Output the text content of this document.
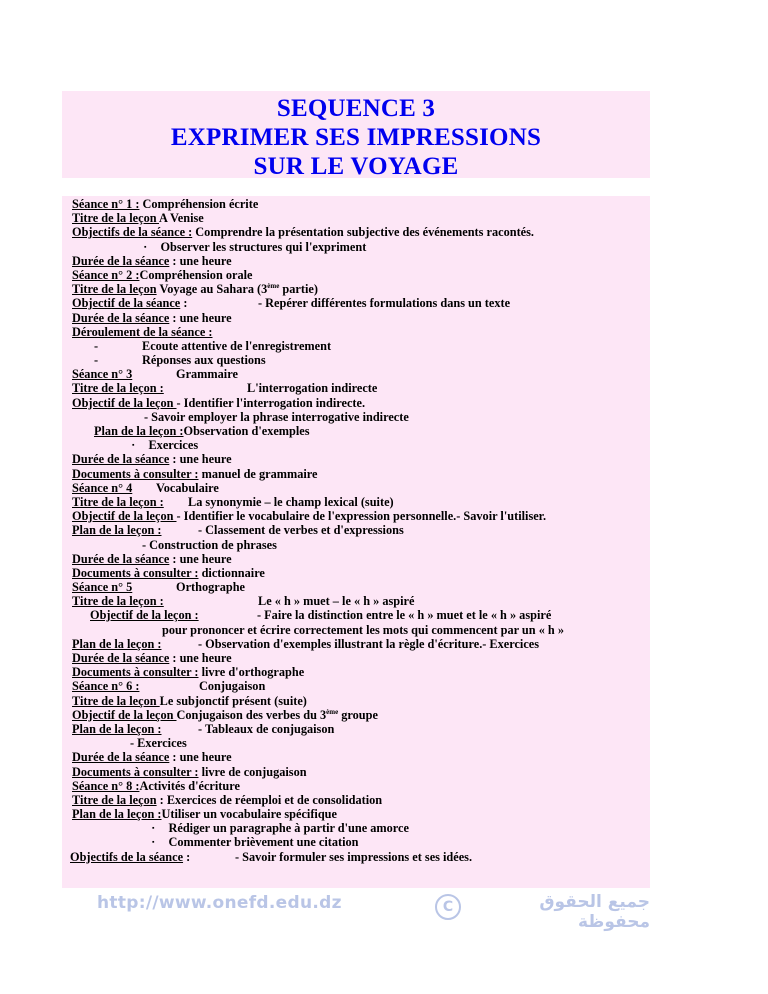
SEQUENCE 3
EXPRIMER SES IMPRESSIONS
SUR LE VOYAGE
Séance n° 1 : Compréhension écrite
Titre de la leçon A Venise
Objectifs de la séance : Comprendre la présentation subjective des événements racontés.
▪ Observer les structures qui l'expriment
Durée de la séance : une heure
Séance n° 2 :Compréhension orale
Titre de la leçon Voyage au Sahara (3ème partie)
Objectif de la séance :	- Repérer différentes formulations dans un texte
Durée de la séance : une heure
Déroulement de la séance :
-	Ecoute attentive de l'enregistrement
-	Réponses aux questions
Séance n° 3	Grammaire
Titre de la leçon :	L'interrogation indirecte
Objectif de la leçon - Identifier l'interrogation indirecte.
- Savoir employer la phrase interrogative indirecte
Plan de la leçon :Observation d'exemples
▪ Exercices
Durée de la séance : une heure
Documents à consulter : manuel de grammaire
Séance n° 4 Vocabulaire
Titre de la leçon : La synonymie – le champ lexical (suite)
Objectif de la leçon - Identifier le vocabulaire de l'expression personnelle.- Savoir l'utiliser.
Plan de la leçon :	- Classement de verbes et d'expressions
- Construction de phrases
Durée de la séance : une heure
Documents à consulter : dictionnaire
Séance n° 5	Orthographe
Titre de la leçon :	Le « h » muet – le « h » aspiré
Objectif de la leçon :	- Faire la distinction entre le « h » muet et le « h » aspiré
pour prononcer et écrire correctement les mots qui commencent par un « h »
Plan de la leçon :	- Observation d'exemples illustrant la règle d'écriture.- Exercices
Durée de la séance : une heure
Documents à consulter : livre d'orthographe
Séance n° 6 :	Conjugaison
Titre de la leçon Le subjonctif présent (suite)
Objectif de la leçon Conjugaison des verbes du 3ème groupe
Plan de la leçon :	- Tableaux de conjugaison
- Exercices
Durée de la séance : une heure
Documents à consulter : livre de conjugaison
Séance n° 8 :Activités d'écriture
Titre de la leçon : Exercices de réemploi et de consolidation
Plan de la leçon :Utiliser un vocabulaire spécifique
▪ Rédiger un paragraphe à partir d'une amorce
▪ Commenter brièvement une citation
Objectifs de la séance :	- Savoir formuler ses impressions et ses idées.
http://www.onefd.edu.dz	C	جميع الحقوق محفوظة
